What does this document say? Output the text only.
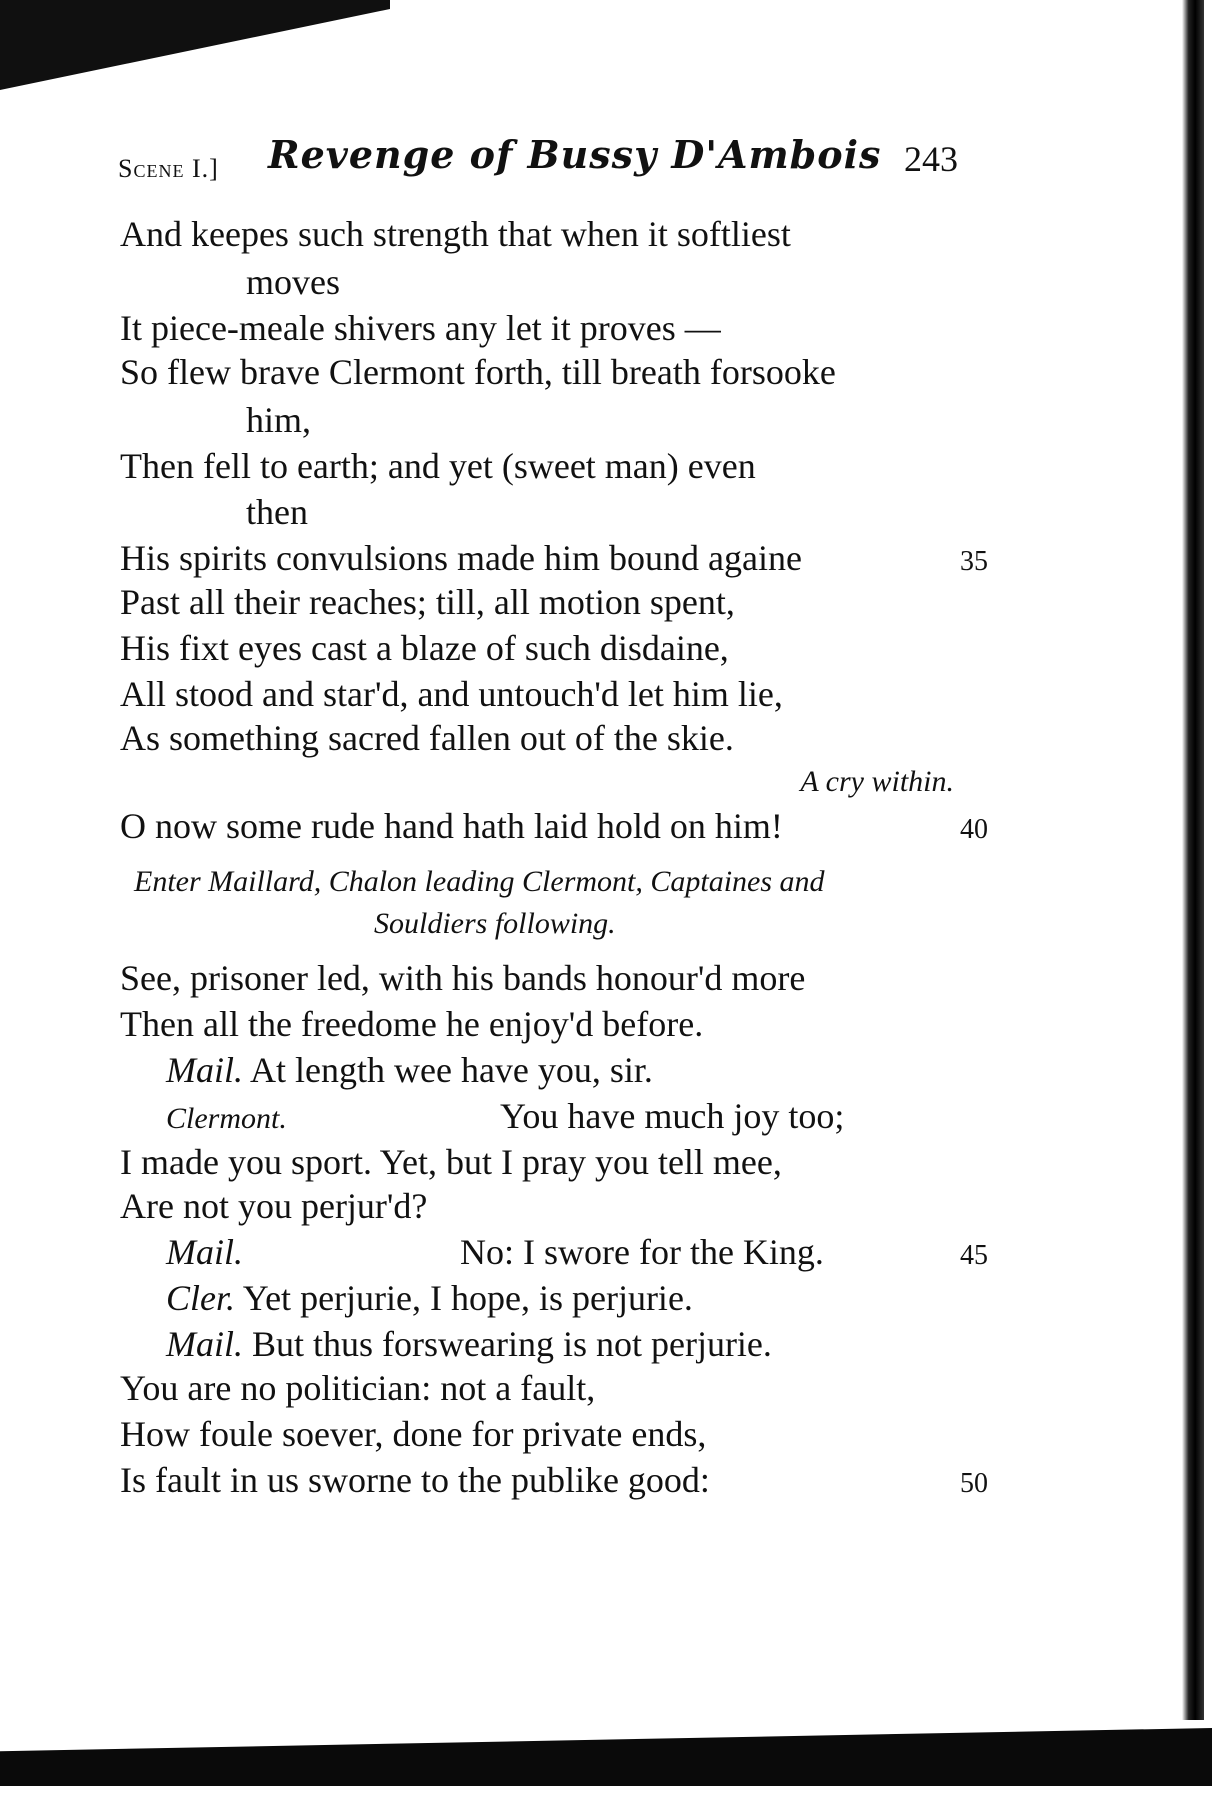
Scene I.] Revenge of Bussy D'Ambois 243
And keepes such strength that when it softliest
moves
It piece-meale shivers any let it proves —
So flew brave Clermont forth, till breath forsooke
him,
Then fell to earth; and yet (sweet man) even
then
His spirits convulsions made him bound againe	35
Past all their reaches; till, all motion spent,
His fixt eyes cast a blaze of such disdaine,
All stood and star'd, and untouch'd let him lie,
As something sacred fallen out of the skie.
A cry within.
O now some rude hand hath laid hold on him!	40
Enter Maillard, Chalon leading Clermont, Captaines and
Souldiers following.
See, prisoner led, with his bands honour'd more
Then all the freedome he enjoy'd before.
Mail. At length wee have you, sir.
Clermont.	You have much joy too;
I made you sport. Yet, but I pray you tell mee,
Are not you perjur'd?
Mail.	No: I swore for the King.	45
Cler. Yet perjurie, I hope, is perjurie.
Mail. But thus forswearing is not perjurie.
You are no politician: not a fault,
How foule soever, done for private ends,
Is fault in us sworne to the publike good:	50
